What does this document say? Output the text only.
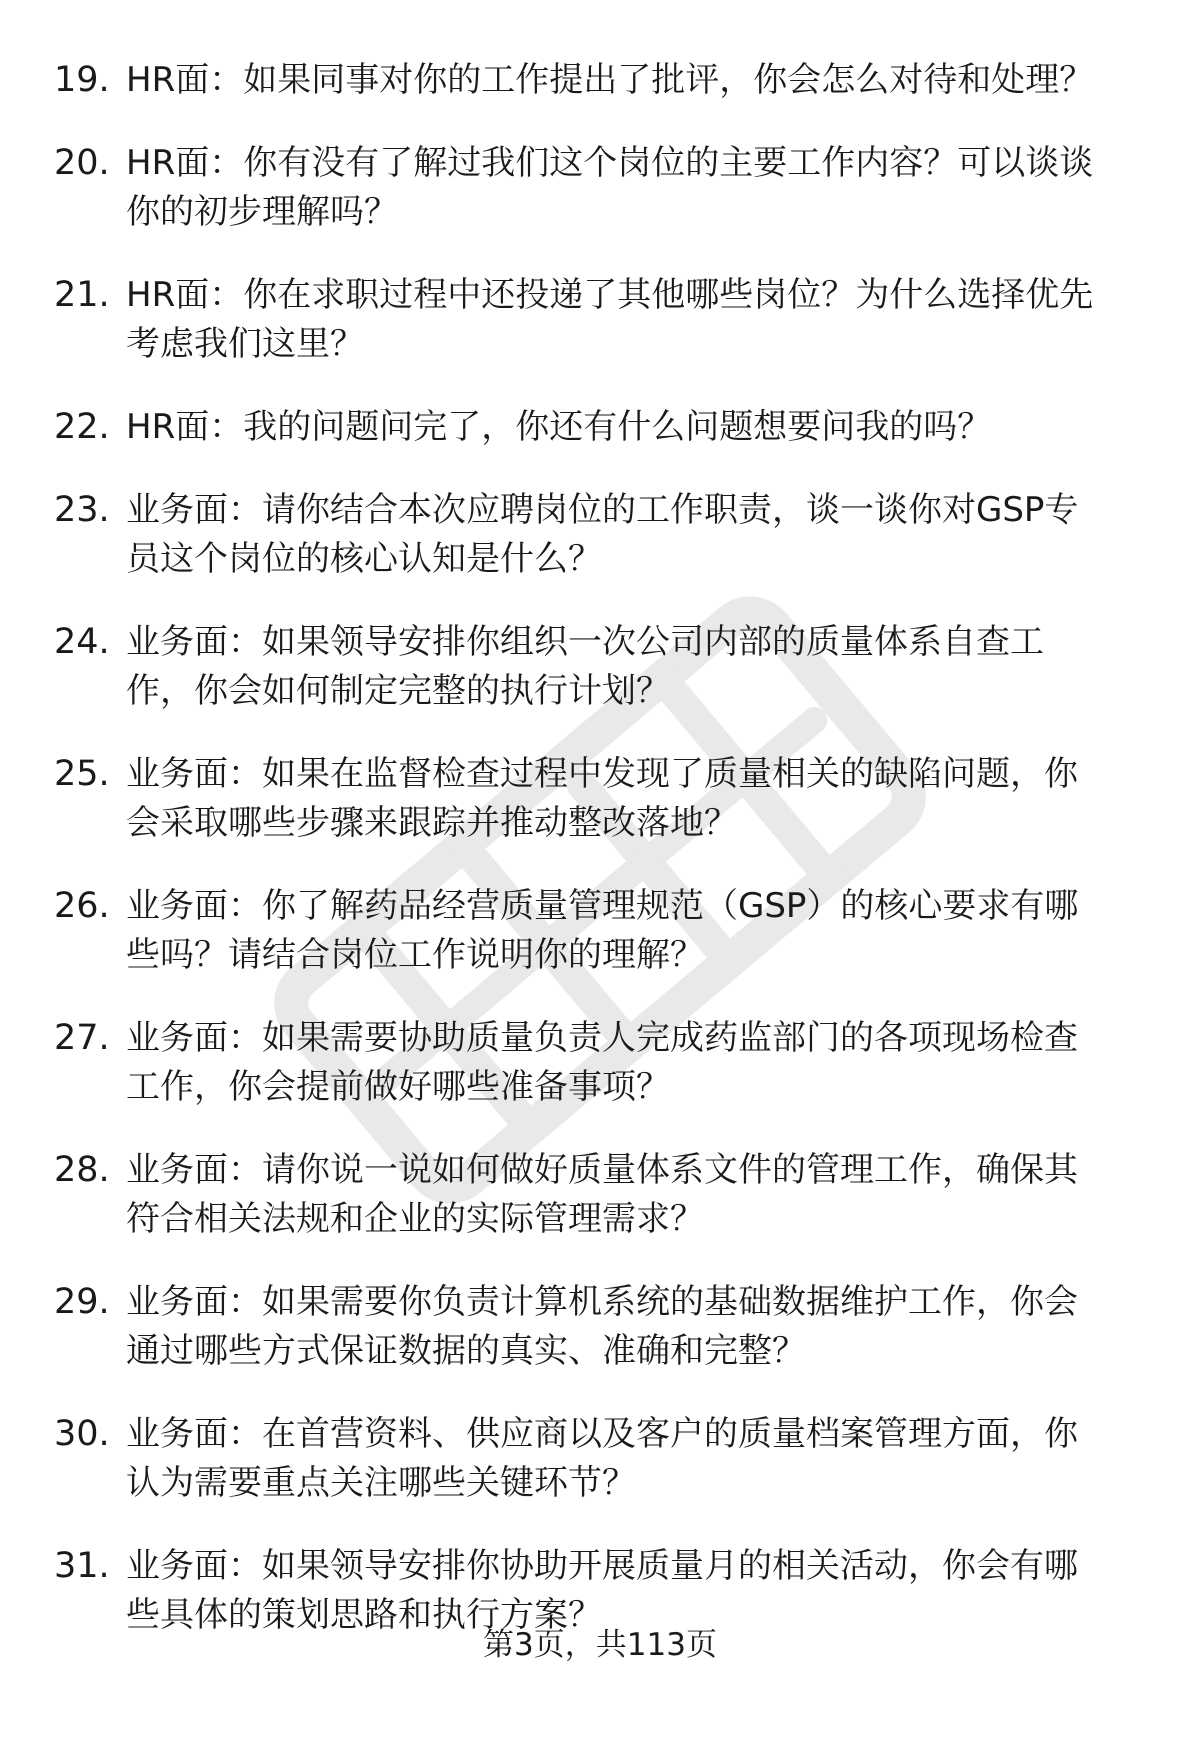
19. HR面：如果同事对你的工作提出了批评，你会怎么对待和处理？
20. HR面：你有没有了解过我们这个岗位的主要工作内容？可以谈谈
你的初步理解吗？
21. HR面：你在求职过程中还投递了其他哪些岗位？为什么选择优先
考虑我们这里？
22. HR面：我的问题问完了，你还有什么问题想要问我的吗？
23. 业务面：请你结合本次应聘岗位的工作职责，谈一谈你对GSP专
员这个岗位的核心认知是什么？
24. 业务面：如果领导安排你组织一次公司内部的质量体系自查工
作，你会如何制定完整的执行计划？
25. 业务面：如果在监督检查过程中发现了质量相关的缺陷问题，你
会采取哪些步骤来跟踪并推动整改落地？
26. 业务面：你了解药品经营质量管理规范（GSP）的核心要求有哪
些吗？请结合岗位工作说明你的理解？
27. 业务面：如果需要协助质量负责人完成药监部门的各项现场检查
工作，你会提前做好哪些准备事项？
28. 业务面：请你说一说如何做好质量体系文件的管理工作，确保其
符合相关法规和企业的实际管理需求？
29. 业务面：如果需要你负责计算机系统的基础数据维护工作，你会
通过哪些方式保证数据的真实、准确和完整？
30. 业务面：在首营资料、供应商以及客户的质量档案管理方面，你
认为需要重点关注哪些关键环节？
31. 业务面：如果领导安排你协助开展质量月的相关活动，你会有哪
些具体的策划思路和执行方案？
第3页，共113页
